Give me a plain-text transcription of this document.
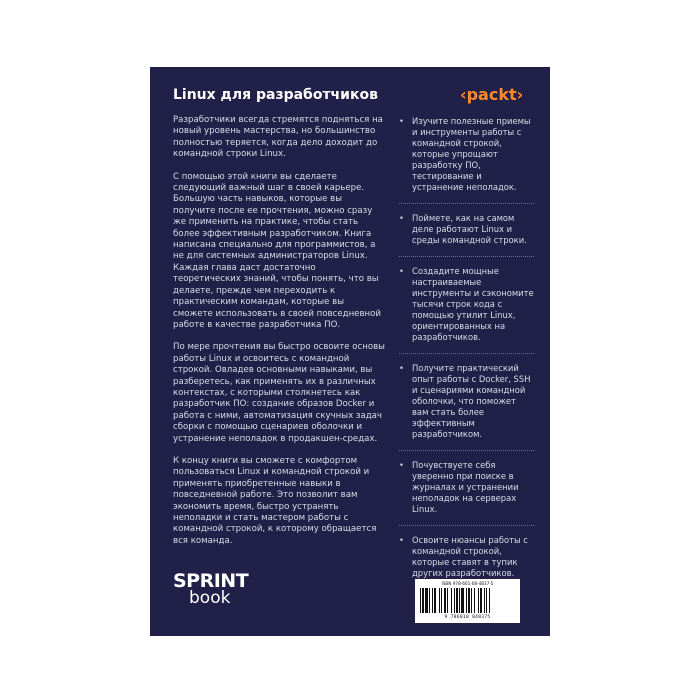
Linux для разработчиков	‹packt›

Разработчики всегда стремятся подняться на новый уровень мастерства, но большинство полностью теряется, когда дело доходит до командной строки Linux.

С помощью этой книги вы сделаете следующий важный шаг в своей карьере. Большую часть навыков, которые вы получите после ее прочтения, можно сразу же применить на практике, чтобы стать более эффективным разработчиком. Книга написана специально для программистов, а не для системных администраторов Linux. Каждая глава даст достаточно теоретических знаний, чтобы понять, что вы делаете, прежде чем переходить к практическим командам, которые вы сможете использовать в своей повседневной работе в качестве разработчика ПО.

По мере прочтения вы быстро освоите основы работы Linux и освоитесь с командной строкой. Овладев основными навыками, вы разберетесь, как применять их в различных контекстах, с которыми столкнетесь как разработчик ПО: создание образов Docker и работа с ними, автоматизация скучных задач сборки с помощью сценариев оболочки и устранение неполадок в продакшен-средах.

К концу книги вы сможете с комфортом пользоваться Linux и командной строкой и применять приобретенные навыки в повседневной работе. Это позволит вам экономить время, быстро устранять неполадки и стать мастером работы с командной строкой, к которому обращается вся команда.

• Изучите полезные приемы и инструменты работы с командной строкой, которые упрощают разработку ПО, тестирование и устранение неполадок.
• Поймете, как на самом деле работают Linux и среды командной строки.
• Создадите мощные настраиваемые инструменты и сэкономите тысячи строк кода с помощью утилит Linux, ориентированных на разработчиков.
• Получите практический опыт работы с Docker, SSH и сценариями командной оболочки, что поможет вам стать более эффективным разработчиком.
• Почувствуете себя уверенно при поиске в журналах и устранении неполадок на серверах Linux.
• Освоите нюансы работы с командной строкой, которые ставят в тупик других разработчиков.
SPRINT
book
ISBN 978-601-08-4837-5
9 786010 848375
